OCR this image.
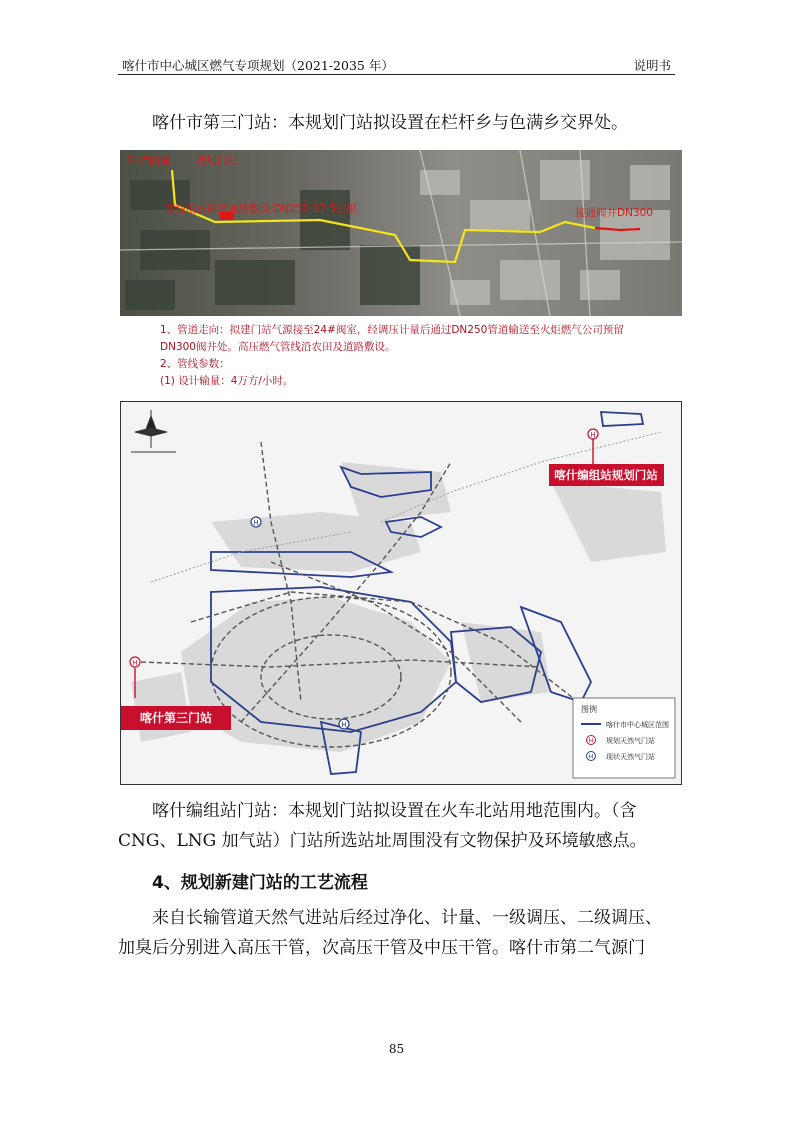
喀什市中心城区燃气专项规划（2021-2035 年）	说明书
喀什市第三门站：本规划门站拟设置在栏杆乡与色满乡交界处。
24#阀室 规划门站
管线沿农田及道路敷设 DN250 12.5公里	接通阀井DN300
1、管道走向：拟建门站气源接至24#阀室，经调压计量后通过DN250管道输送至火炬燃气公司预留
DN300阀井处。高压燃气管线沿农田及道路敷设。
2、管线参数：
(1) 设计输量：4万方/小时。
H
喀什编组站规划门站
H
喀什第三门站	H
H
图例
喀什市中心城区范围
H 规划天然气门站
H 现状天然气门站
喀什编组站门站：本规划门站拟设置在火车北站用地范围内。（含
CNG、LNG 加气站）门站所选站址周围没有文物保护及环境敏感点。
4、规划新建门站的工艺流程
来自长输管道天然气进站后经过净化、计量、一级调压、二级调压、
加臭后分别进入高压干管，次高压干管及中压干管。喀什市第二气源门
85
